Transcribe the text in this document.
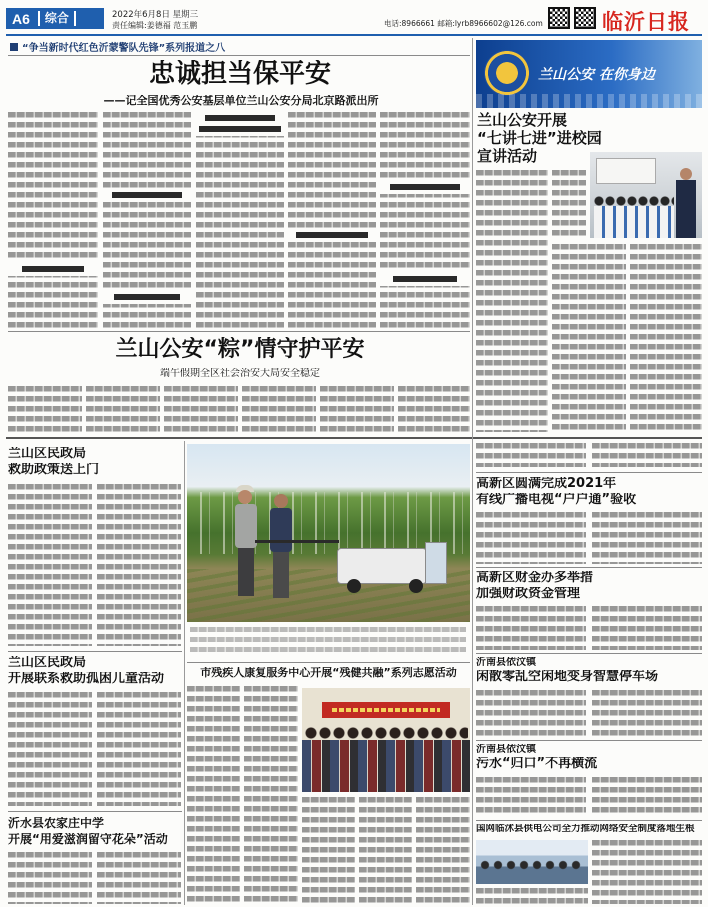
A6	综合	2022年6月8日 星期三
责任编辑:姜德福 范玉鹏	电话:8966661 邮箱:lyrb8966602@126.com	临沂日报
“争当新时代红色沂蒙警队先锋”系列报道之八
忠诚担当保平安
——记全国优秀公安基层单位兰山公安分局北京路派出所
兰山公安“粽”情守护平安
端午假期全区社会治安大局安全稳定
兰山公安 在你身边
兰山公安开展
“七讲七进”进校园
宣讲活动
兰山区民政局
救助政策送上门
兰山区民政局
开展联系救助孤困儿童活动
沂水县农家庄中学
开展“用爱滋润留守花朵”活动
市残疾人康复服务中心开展“残健共融”系列志愿活动
高新区圆满完成2021年
有线广播电视“户户通”验收
高新区财金办多举措
加强财政资金管理
沂南县依汶镇
闲散零乱空闲地变身智慧停车场
沂南县依汶镇
污水“归口”不再横流
国网临沭县供电公司全力推动网络安全制度落地生根
